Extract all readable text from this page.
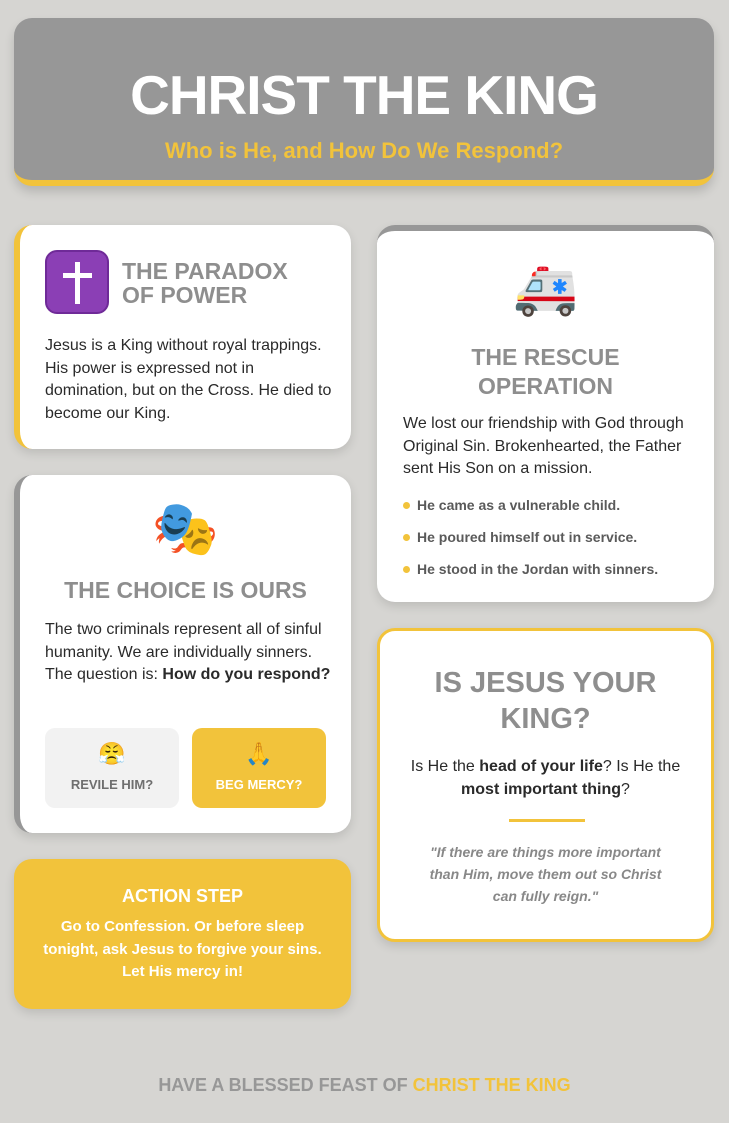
CHRIST THE KING
Who is He, and How Do We Respond?
THE PARADOX
OF POWER
Jesus is a King without royal trappings. His power is expressed not in domination, but on the Cross. He died to become our King.
🚑
THE RESCUE
OPERATION
We lost our friendship with God through Original Sin. Brokenhearted, the Father sent His Son on a mission.
He came as a vulnerable child.
He poured himself out in service.
He stood in the Jordan with sinners.
🎭
THE CHOICE IS OURS
The two criminals represent all of sinful humanity. We are individually sinners. The question is: How do you respond?
😤
REVILE HIM?
🙏
BEG MERCY?
IS JESUS YOUR
KING?
Is He the head of your life? Is He the most important thing?
"If there are things more important than Him, move them out so Christ can fully reign."
ACTION STEP
Go to Confession. Or before sleep tonight, ask Jesus to forgive your sins. Let His mercy in!
HAVE A BLESSED FEAST OF CHRIST THE KING
